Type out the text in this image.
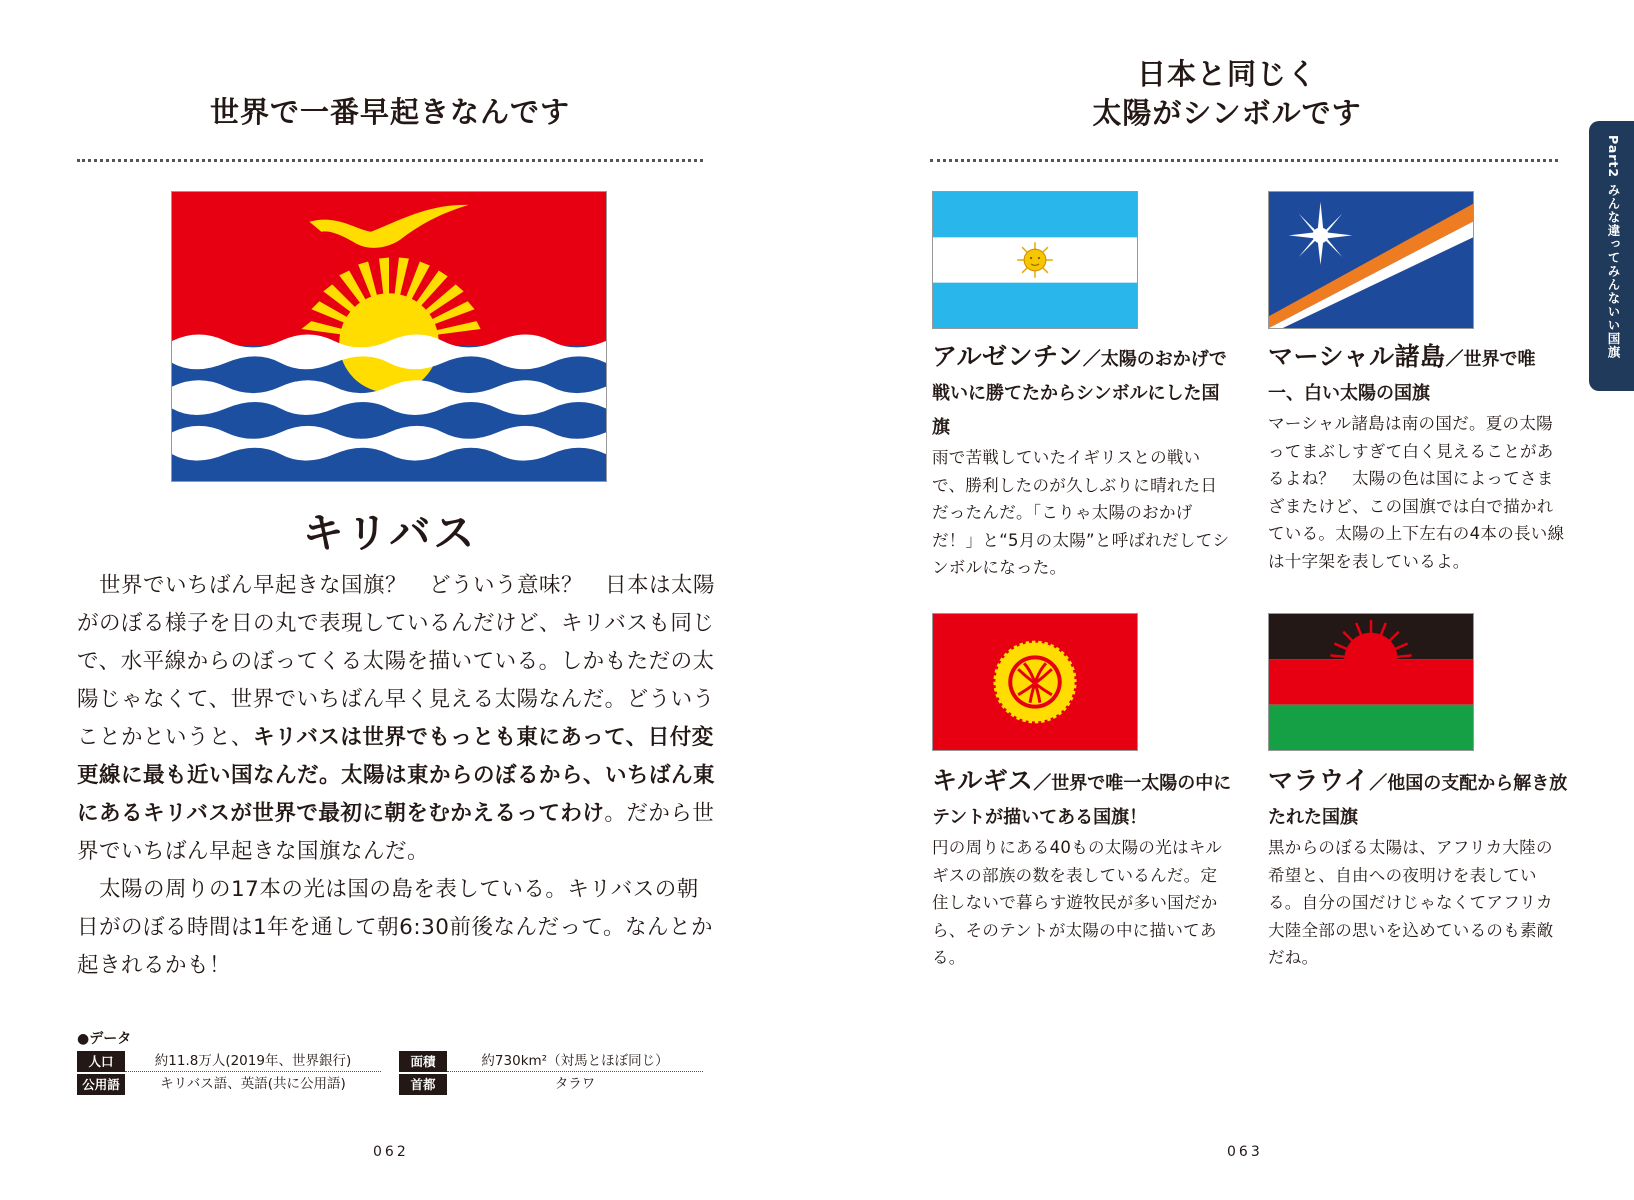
世界で一番早起きなんです
キリバス

世界でいちばん早起きな国旗？　どういう意味？　日本は太陽がのぼる様子を日の丸で表現しているんだけど、キリバスも同じで、水平線からのぼってくる太陽を描いている。しかもただの太陽じゃなくて、世界でいちばん早く見える太陽なんだ。どういうことかというと、キリバスは世界でもっとも東にあって、日付変更線に最も近い国なんだ。太陽は東からのぼるから、いちばん東にあるキリバスが世界で最初に朝をむかえるってわけ。だから世界でいちばん早起きな国旗なんだ。

太陽の周りの17本の光は国の島を表している。キリバスの朝日がのぼる時間は1年を通して朝6:30前後なんだって。なんとか起きれるかも！

●データ
人口	約11.8万人(2019年、世界銀行)	面積	約730km²（対馬とほぼ同じ）
公用語	キリバス語、英語(共に公用語)	首都	タラワ
062
日本と同じく
太陽がシンボルです
アルゼンチン／太陽のおかげで戦いに勝てたからシンボルにした国旗
雨で苦戦していたイギリスとの戦いで、勝利したのが久しぶりに晴れた日だったんだ。「こりゃ太陽のおかげだ！」と“5月の太陽”と呼ばれだしてシンボルになった。
マーシャル諸島／世界で唯一、白い太陽の国旗
マーシャル諸島は南の国だ。夏の太陽ってまぶしすぎて白く見えることがあるよね？　太陽の色は国によってさまざまたけど、この国旗では白で描かれている。太陽の上下左右の4本の長い線は十字架を表しているよ。
キルギス／世界で唯一太陽の中にテントが描いてある国旗！
円の周りにある40もの太陽の光はキルギスの部族の数を表しているんだ。定住しないで暮らす遊牧民が多い国だから、そのテントが太陽の中に描いてある。
マラウイ／他国の支配から解き放たれた国旗
黒からのぼる太陽は、アフリカ大陸の希望と、自由への夜明けを表している。自分の国だけじゃなくてアフリカ大陸全部の思いを込めているのも素敵だね。
063
Part2 みんな違ってみんないい国旗
